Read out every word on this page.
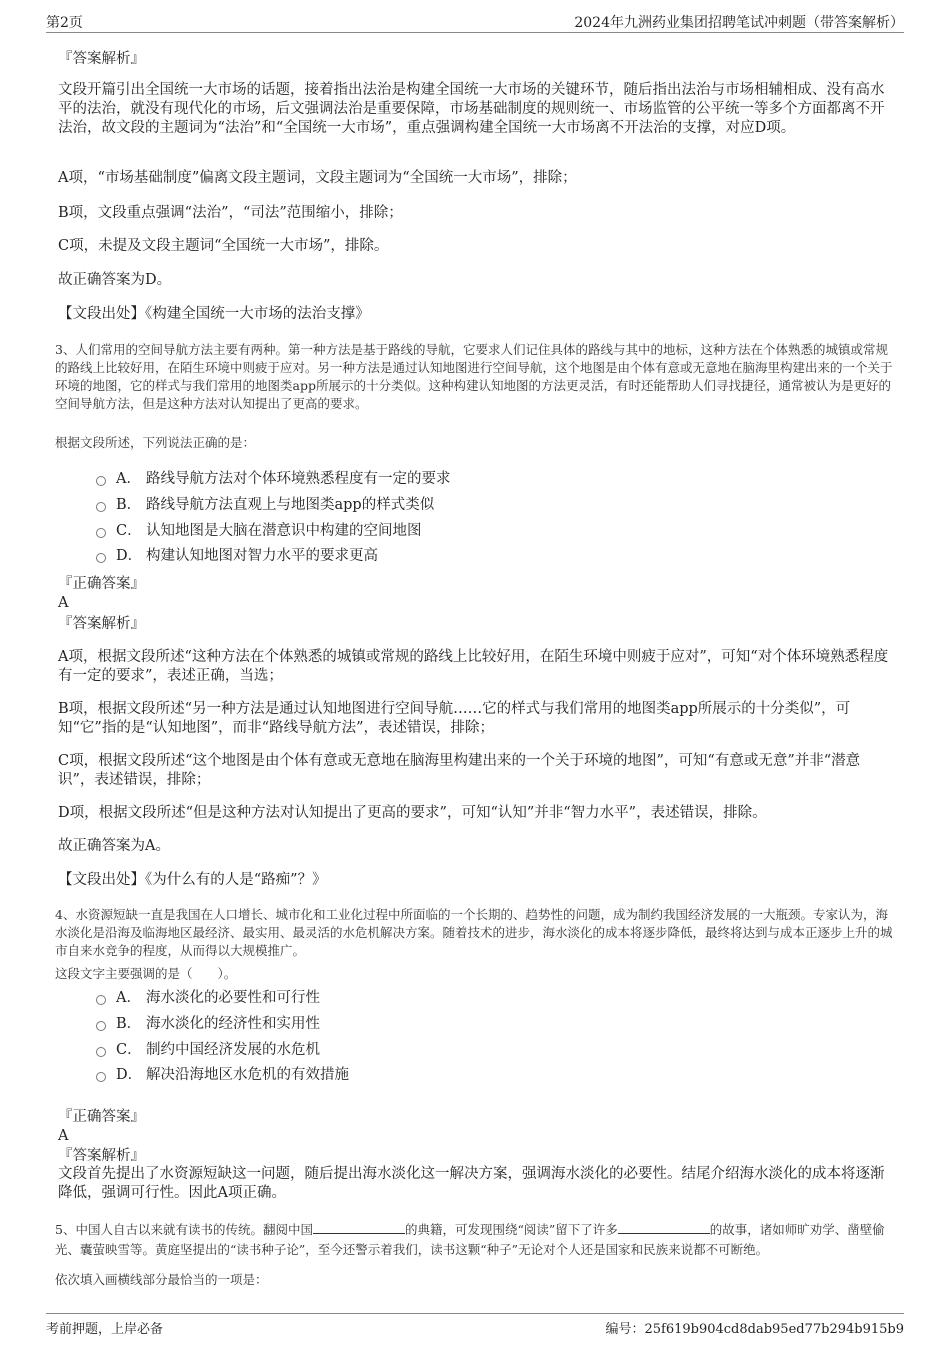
第2页	2024年九洲药业集团招聘笔试冲刺题（带答案解析）

『答案解析』

文段开篇引出全国统一大市场的话题，接着指出法治是构建全国统一大市场的关键环节，随后指出法治与市场相辅相成、没有高水平的法治，就没有现代化的市场，后文强调法治是重要保障，市场基础制度的规则统一、市场监管的公平统一等多个方面都离不开法治，故文段的主题词为“法治”和“全国统一大市场”，重点强调构建全国统一大市场离不开法治的支撑，对应D项。

A项，“市场基础制度”偏离文段主题词，文段主题词为“全国统一大市场”，排除；

B项，文段重点强调“法治”，“司法”范围缩小，排除；

C项，未提及文段主题词“全国统一大市场”，排除。

故正确答案为D。

【文段出处】《构建全国统一大市场的法治支撑》

3、人们常用的空间导航方法主要有两种。第一种方法是基于路线的导航，它要求人们记住具体的路线与其中的地标，这种方法在个体熟悉的城镇或常规的路线上比较好用，在陌生环境中则疲于应对。另一种方法是通过认知地图进行空间导航，这个地图是由个体有意或无意地在脑海里构建出来的一个关于环境的地图，它的样式与我们常用的地图类app所展示的十分类似。这种构建认知地图的方法更灵活，有时还能帮助人们寻找捷径，通常被认为是更好的空间导航方法，但是这种方法对认知提出了更高的要求。

根据文段所述，下列说法正确的是：

A． 路线导航方法对个体环境熟悉程度有一定的要求
B． 路线导航方法直观上与地图类app的样式类似
C． 认知地图是大脑在潜意识中构建的空间地图
D． 构建认知地图对智力水平的要求更高

『正确答案』

A

『答案解析』

A项，根据文段所述“这种方法在个体熟悉的城镇或常规的路线上比较好用，在陌生环境中则疲于应对”，可知“对个体环境熟悉程度有一定的要求”，表述正确，当选；

B项，根据文段所述“另一种方法是通过认知地图进行空间导航……它的样式与我们常用的地图类app所展示的十分类似”，可知“它”指的是“认知地图”，而非“路线导航方法”，表述错误，排除；

C项，根据文段所述“这个地图是由个体有意或无意地在脑海里构建出来的一个关于环境的地图”，可知“有意或无意”并非“潜意识”，表述错误，排除；

D项，根据文段所述“但是这种方法对认知提出了更高的要求”，可知“认知”并非“智力水平”，表述错误，排除。

故正确答案为A。

【文段出处】《为什么有的人是“路痴”？》

4、水资源短缺一直是我国在人口增长、城市化和工业化过程中所面临的一个长期的、趋势性的问题，成为制约我国经济发展的一大瓶颈。专家认为，海水淡化是沿海及临海地区最经济、最实用、最灵活的水危机解决方案。随着技术的进步，海水淡化的成本将逐步降低，最终将达到与成本正逐步上升的城市自来水竞争的程度，从而得以大规模推广。

这段文字主要强调的是（　　）。

A． 海水淡化的必要性和可行性
B． 海水淡化的经济性和实用性
C． 制约中国经济发展的水危机
D． 解决沿海地区水危机的有效措施

『正确答案』

A

『答案解析』

文段首先提出了水资源短缺这一问题，随后提出海水淡化这一解决方案，强调海水淡化的必要性。结尾介绍海水淡化的成本将逐渐降低，强调可行性。因此A项正确。

5、中国人自古以来就有读书的传统。翻阅中国	的典籍，可发现围绕“阅读”留下了许多	的故事，诸如师旷劝学、凿壁偷光、囊萤映雪等。黄庭坚提出的“读书种子论”，至今还警示着我们，读书这颗“种子”无论对个人还是国家和民族来说都不可断绝。

依次填入画横线部分最恰当的一项是：

考前押题，上岸必备	编号：25f619b904cd8dab95ed77b294b915b9
